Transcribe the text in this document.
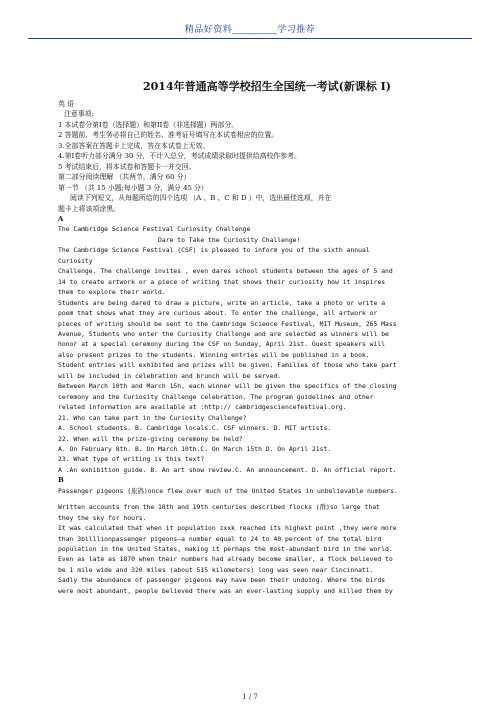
精品好资料_________学习推荐
2014年普通高等学校招生全国统一考试(新课标 I)
英 语
注意事项:
1 本试卷分第Ⅰ卷（选择题）和第II卷（非选择题）两部分。
2 答题前，考生务必将自己的姓名、准考证号填写在本试卷相应的位置。
3.全部答案在答题卡上完成，答在本试卷上无效。
4.第Ⅰ卷听力部分满分 30 分，不计入总分，考试成绩录取时提供给高校作参考。
5 考试结束后，将本试卷和答题卡一并交回。
第二部分阅读理解 （共两节，满分 60 分）
第一节 （共 15 小题;每小题 3 分，满分 45 分）
阅读下列短文，从每题所给的四个选项 （A 、B 、C 和 D ）中，选出最佳选项，并在
题卡上将该项涂黑。
A
The Cambridge Science Festival Curiosity Challenge
Dare to Take the Curiosity Challenge!
The Cambridge Science Festival (CSF) is pleased to inform you of the sixth annual
Curiosity
Challenge. The challenge invites , even dares school students between the ages of 5 and
14 to create artwork or a piece of writing that shows their curiosity how it inspires
them to explore their world.
Students are being dared to draw a picture, write an article, take a photo or write a
poem that shows what they are curious about. To enter the challenge, all artwork or
pieces of writing should be sent to the Cambridge Science Festival, MIT Museum, 265 Mass
Avenue, Students who enter the Curiosity Challenge and are selected as winners will be
honor at a special ceremony during the CSF on Sunday, April 21st. Guest speakers will
also present prizes to the students. Winning entries will be published in a book.
Student entries will exhibited and prizes will be given. Families of those who take part
will be included in celebration and brunch will be served.
Between March 10th and March 15h, each winner will be given the specifics of the closing
ceremony and the Curiosity Challenge celebration. The program guidelines and other
related information are available at :http:// cambridgesciencefestival.org.
21. Who can take part in the Curiosity Challenge?
A. School students. B. Cambridge locals.C. CSF winners. D. MIT artists.
22. When will the prize-giving ceremony be held?
A. On February 8th. B. On March 10th.C. On March 15th D. On April 21st.
23. What type of writing is this text?
A .An exhibition guide. B. An art show review.C. An announcement. D. An official report.
B
Passenger pigeons (旅鸽)once flew over much of the United States in unbelievable numbers.
Written accounts from the 18th and 19th centuries described flocks (群)so large that
they the sky for hours.
It was calculated that when it population zxxk reached its highest point ,they were more
than 3billlionpassenger pigeons—a number equal to 24 to 40 percent of the total bird
population in the United States, making it perhaps the most-abundant bird in the world.
Even as late as 1870 when their numbers had already become smaller, a flock believed to
be 1 mile wide and 320 miles (about 515 kilometers) long was seen near Cincinnati.
Sadly the abundance of passenger pigeons may have been their undoing. Where the birds
were most abundant, people believed there was an ever-lasting supply and killed them by
1 / 7
